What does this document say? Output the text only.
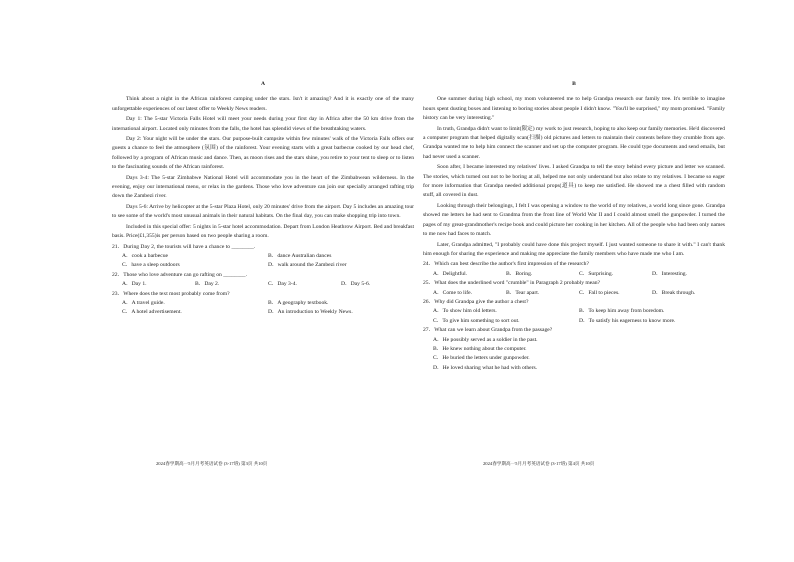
A

Think about a night in the African rainforest camping under the stars. Isn't it amazing? And it is exactly one of the many unforgettable experiences of our latest offer to Weekly News readers.

Day 1: The 5-star Victoria Falls Hotel will meet your needs during your first day in Africa after the 50 km drive from the international airport. Located only minutes from the falls, the hotel has splendid views of the breathtaking waters.

Day 2: Your night will be under the stars. Our purpose-built campsite within few minutes' walk of the Victoria Falls offers our guests a chance to feel the atmosphere (氛围) of the rainforest. Your evening starts with a great barbecue cooked by our head chef, followed by a program of African music and dance. Then, as moon rises and the stars shine, you retire to your tent to sleep or to listen to the fascinating sounds of the African rainforest.

Days 3-4: The 5-star Zimbabwe National Hotel will accommodate you in the heart of the Zimbabwean wilderness. In the evening, enjoy our international menu, or relax in the gardens. Those who love adventure can join our specially arranged rafting trip down the Zambezi river.

Days 5-6: Arrive by helicopter at the 5-star Plaza Hotel, only 20 minutes' drive from the airport. Day 5 includes an amazing tour to see some of the world's most unusual animals in their natural habitats. On the final day, you can make shopping trip into town.

Included in this special offer: 5 nights in 5-star hotel accommodation. Depart from London Heathrow Airport. Bed and breakfast basis. Price(£1,355)is per person based on two people sharing a room.

21．During Day 2, the tourists will have a chance to ________.

A．cook a barbecue	B．dance Australian dances
C．have a sleep outdoors	D．walk around the Zambezi river

22．Those who love adventure can go rafting on ________.

A．Day 1.	B．Day 2.	C．Day 3-4.	D．Day 5-6.

23．Where does the text most probably come from?

A．A travel guide.	B．A geography textbook.
C．A hotel advertisement.	D．An introduction to Weekly News.
2024春学期高一5月月考英语试卷 (3-17班) 第3页 共10页
B

One summer during high school, my mom volunteered me to help Grandpa research our family tree. It's terrible to imagine hours spent dusting boxes and listening to boring stories about people I didn't know. "You'll be surprised," my mom promised. "Family history can be very interesting."

In truth, Grandpa didn't want to limit(限定) my work to just research, hoping to also keep our family memories. He'd discovered a computer program that helped digitally scan(扫描) old pictures and letters to maintain their contents before they crumble from age. Grandpa wanted me to help him connect the scanner and set up the computer program. He could type documents and send emails, but had never used a scanner.

Soon after, I became interested my relatives' lives. I asked Grandpa to tell the story behind every picture and letter we scanned. The stories, which turned out not to be boring at all, helped me not only understand but also relate to my relatives. I became so eager for more information that Grandpa needed additional props(道具) to keep me satisfied. He showed me a chest filled with random stuff, all covered in dust.

Looking through their belongings, I felt I was opening a window to the world of my relatives, a world long since gone. Grandpa showed me letters he had sent to Grandma from the front line of World War II and I could almost smell the gunpowder. I turned the pages of my great-grandmother's recipe book and could picture her cooking in her kitchen. All of the people who had been only names to me now had faces to match.

Later, Grandpa admitted, "I probably could have done this project myself. I just wanted someone to share it with." I can't thank him enough for sharing the experience and making me appreciate the family members who have made me who I am.

24．Which can best describe the author's first impression of the research?

A．Delightful.	B．Boring.	C．Surprising.	D．Interesting.

25．What does the underlined word "crumble" in Paragraph 2 probably mean?

A．Come to life.	B．Tear apart.	C．Fall to pieces.	D．Break through.

26．Why did Grandpa give the author a chest?

A．To show him old letters.	B．To keep him away from boredom.
C．To give him something to sort out.	D．To satisfy his eagerness to know more.

27．What can we learn about Grandpa from the passage?

A．He possibly served as a soldier in the past.
B．He knew nothing about the computer.
C．He buried the letters under gunpowder.
D．He loved sharing what he had with others.
2024春学期高一5月月考英语试卷 (3-17班) 第4页 共10页
